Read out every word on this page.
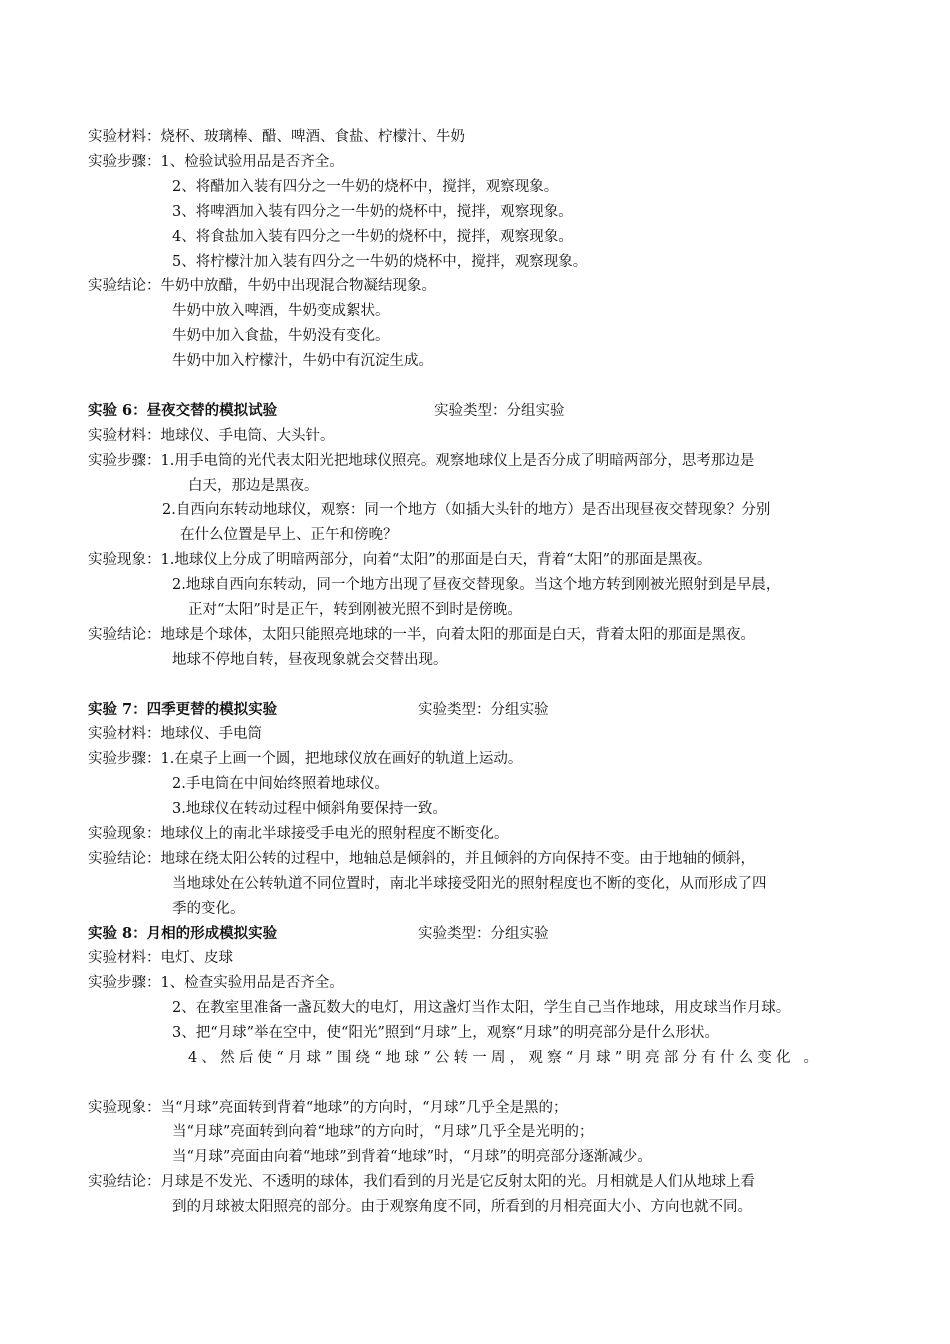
实验材料：烧杯、玻璃棒、醋、啤酒、食盐、柠檬汁、牛奶
实验步骤：1、检验试验用品是否齐全。
2、将醋加入装有四分之一牛奶的烧杯中，搅拌，观察现象。
3、将啤酒加入装有四分之一牛奶的烧杯中，搅拌，观察现象。
4、将食盐加入装有四分之一牛奶的烧杯中，搅拌，观察现象。
5、将柠檬汁加入装有四分之一牛奶的烧杯中，搅拌，观察现象。
实验结论：牛奶中放醋，牛奶中出现混合物凝结现象。
牛奶中放入啤酒，牛奶变成絮状。
牛奶中加入食盐，牛奶没有变化。
牛奶中加入柠檬汁，牛奶中有沉淀生成。
实验 6：昼夜交替的模拟试验	实验类型：分组实验
实验材料：地球仪、手电筒、大头针。
实验步骤：1.用手电筒的光代表太阳光把地球仪照亮。观察地球仪上是否分成了明暗两部分，思考那边是
白天，那边是黑夜。
2.自西向东转动地球仪，观察：同一个地方（如插大头针的地方）是否出现昼夜交替现象？分别
在什么位置是早上、正午和傍晚？
实验现象：1.地球仪上分成了明暗两部分，向着“太阳”的那面是白天，背着“太阳”的那面是黑夜。
2.地球自西向东转动，同一个地方出现了昼夜交替现象。当这个地方转到刚被光照射到是早晨，
正对“太阳”时是正午，转到刚被光照不到时是傍晚。
实验结论：地球是个球体，太阳只能照亮地球的一半，向着太阳的那面是白天，背着太阳的那面是黑夜。
地球不停地自转，昼夜现象就会交替出现。
实验 7：四季更替的模拟实验	实验类型：分组实验
实验材料：地球仪、手电筒
实验步骤：1.在桌子上画一个圆，把地球仪放在画好的轨道上运动。
2.手电筒在中间始终照着地球仪。
3.地球仪在转动过程中倾斜角要保持一致。
实验现象：地球仪上的南北半球接受手电光的照射程度不断变化。
实验结论：地球在绕太阳公转的过程中，地轴总是倾斜的，并且倾斜的方向保持不变。由于地轴的倾斜，
当地球处在公转轨道不同位置时，南北半球接受阳光的照射程度也不断的变化，从而形成了四
季的变化。
实验 8：月相的形成模拟实验	实验类型：分组实验
实验材料：电灯、皮球
实验步骤：1、检查实验用品是否齐全。
2、在教室里准备一盏瓦数大的电灯，用这盏灯当作太阳，学生自己当作地球，用皮球当作月球。
3、把“月球”举在空中，使“阳光”照到“月球”上，观察“月球”的明亮部分是什么形状。
4、然后使“月球”围绕“地球”公转一周，观察“月球”明亮部分有什么变化 。
实验现象：当“月球”亮面转到背着“地球”的方向时，“月球”几乎全是黑的；
当“月球”亮面转到向着“地球”的方向时，“月球”几乎全是光明的；
当“月球”亮面由向着“地球”到背着“地球”时，“月球”的明亮部分逐渐减少。
实验结论：月球是不发光、不透明的球体，我们看到的月光是它反射太阳的光。月相就是人们从地球上看
到的月球被太阳照亮的部分。由于观察角度不同，所看到的月相亮面大小、方向也就不同。
